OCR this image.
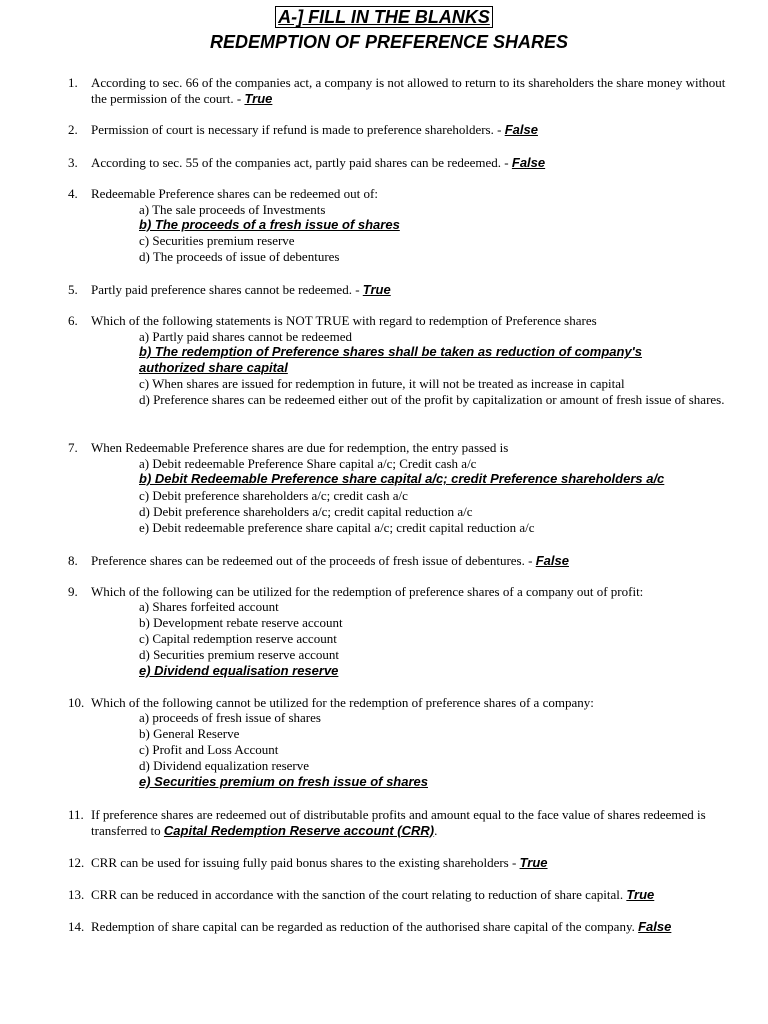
A-] FILL IN THE BLANKS
REDEMPTION OF PREFERENCE SHARES
1.	According to sec. 66 of the companies act, a company is not allowed to return to its shareholders the share money without the permission of the court. - True
2.	Permission of court is necessary if refund is made to preference shareholders. - False
3.	According to sec. 55 of the companies act, partly paid shares can be redeemed. - False
4.	Redeemable Preference shares can be redeemed out of:
a) The sale proceeds of Investments
b) The proceeds of a fresh issue of shares
c) Securities premium reserve
d) The proceeds of issue of debentures
5.	Partly paid preference shares cannot be redeemed. - True
6.	Which of the following statements is NOT TRUE with regard to redemption of Preference shares
a) Partly paid shares cannot be redeemed
b) The redemption of Preference shares shall be taken as reduction of company's authorized share capital
c) When shares are issued for redemption in future, it will not be treated as increase in capital
d) Preference shares can be redeemed either out of the profit by capitalization or amount of fresh issue of shares.
7.	When Redeemable Preference shares are due for redemption, the entry passed is
a) Debit redeemable Preference Share capital a/c; Credit cash a/c
b) Debit Redeemable Preference share capital a/c; credit Preference shareholders a/c
c) Debit preference shareholders a/c; credit cash a/c
d) Debit preference shareholders a/c; credit capital reduction a/c
e) Debit redeemable preference share capital a/c; credit capital reduction a/c
8.	Preference shares can be redeemed out of the proceeds of fresh issue of debentures. - False
9.	Which of the following can be utilized for the redemption of preference shares of a company out of profit:
a) Shares forfeited account
b) Development rebate reserve account
c) Capital redemption reserve account
d) Securities premium reserve account
e) Dividend equalisation reserve
10. Which of the following cannot be utilized for the redemption of preference shares of a company:
a) proceeds of fresh issue of shares
b) General Reserve
c) Profit and Loss Account
d) Dividend equalization reserve
e) Securities premium on fresh issue of shares
11. If preference shares are redeemed out of distributable profits and amount equal to the face value of shares redeemed is transferred to Capital Redemption Reserve account (CRR).
12. CRR can be used for issuing fully paid bonus shares to the existing shareholders - True
13. CRR can be reduced in accordance with the sanction of the court relating to reduction of share capital. True
14. Redemption of share capital can be regarded as reduction of the authorised share capital of the company. False
